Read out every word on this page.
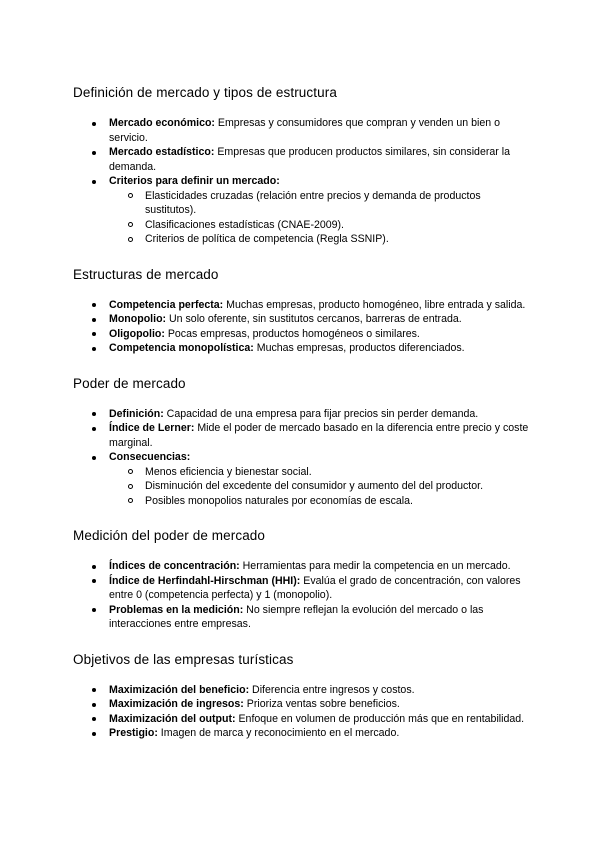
Definición de mercado y tipos de estructura
Mercado económico: Empresas y consumidores que compran y venden un bien o servicio.
Mercado estadístico: Empresas que producen productos similares, sin considerar la demanda.
Criterios para definir un mercado:
Elasticidades cruzadas (relación entre precios y demanda de productos sustitutos).
Clasificaciones estadísticas (CNAE-2009).
Criterios de política de competencia (Regla SSNIP).
Estructuras de mercado
Competencia perfecta: Muchas empresas, producto homogéneo, libre entrada y salida.
Monopolio: Un solo oferente, sin sustitutos cercanos, barreras de entrada.
Oligopolio: Pocas empresas, productos homogéneos o similares.
Competencia monopolística: Muchas empresas, productos diferenciados.
Poder de mercado
Definición: Capacidad de una empresa para fijar precios sin perder demanda.
Índice de Lerner: Mide el poder de mercado basado en la diferencia entre precio y coste marginal.
Consecuencias:
Menos eficiencia y bienestar social.
Disminución del excedente del consumidor y aumento del del productor.
Posibles monopolios naturales por economías de escala.
Medición del poder de mercado
Índices de concentración: Herramientas para medir la competencia en un mercado.
Índice de Herfindahl-Hirschman (HHI): Evalúa el grado de concentración, con valores entre 0 (competencia perfecta) y 1 (monopolio).
Problemas en la medición: No siempre reflejan la evolución del mercado o las interacciones entre empresas.
Objetivos de las empresas turísticas
Maximización del beneficio: Diferencia entre ingresos y costos.
Maximización de ingresos: Prioriza ventas sobre beneficios.
Maximización del output: Enfoque en volumen de producción más que en rentabilidad.
Prestigio: Imagen de marca y reconocimiento en el mercado.
